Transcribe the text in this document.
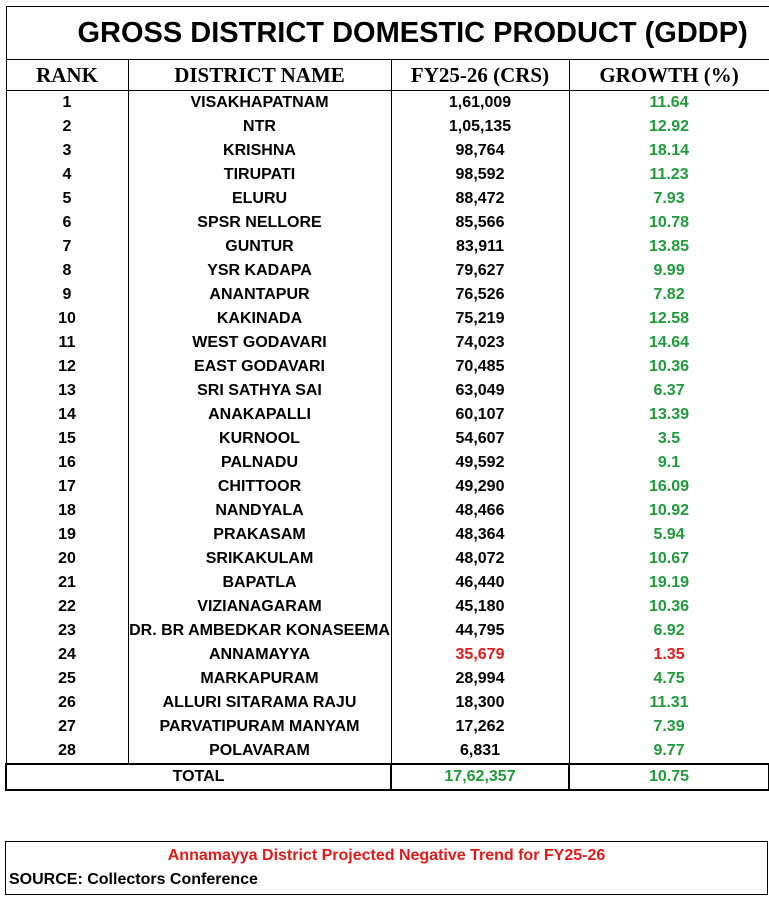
GROSS DISTRICT DOMESTIC PRODUCT (GDDP)			
RANK	DISTRICT NAME	FY25-26 (CRS)	GROWTH (%)
1	VISAKHAPATNAM	1,61,009	11.64
2	NTR	1,05,135	12.92
3	KRISHNA	98,764	18.14
4	TIRUPATI	98,592	11.23
5	ELURU	88,472	7.93
6	SPSR NELLORE	85,566	10.78
7	GUNTUR	83,911	13.85
8	YSR KADAPA	79,627	9.99
9	ANANTAPUR	76,526	7.82
10	KAKINADA	75,219	12.58
11	WEST GODAVARI	74,023	14.64
12	EAST GODAVARI	70,485	10.36
13	SRI SATHYA SAI	63,049	6.37
14	ANAKAPALLI	60,107	13.39
15	KURNOOL	54,607	3.5
16	PALNADU	49,592	9.1
17	CHITTOOR	49,290	16.09
18	NANDYALA	48,466	10.92
19	PRAKASAM	48,364	5.94
20	SRIKAKULAM	48,072	10.67
21	BAPATLA	46,440	19.19
22	VIZIANAGARAM	45,180	10.36
23	DR. BR AMBEDKAR KONASEEMA	44,795	6.92
24	ANNAMAYYA	35,679	1.35
25	MARKAPURAM	28,994	4.75
26	ALLURI SITARAMA RAJU	18,300	11.31
27	PARVATIPURAM MANYAM	17,262	7.39
28	POLAVARAM	6,831	9.77
TOTAL		17,62,357	10.75
Annamayya District Projected Negative Trend for FY25-26
SOURCE: Collectors Conference
